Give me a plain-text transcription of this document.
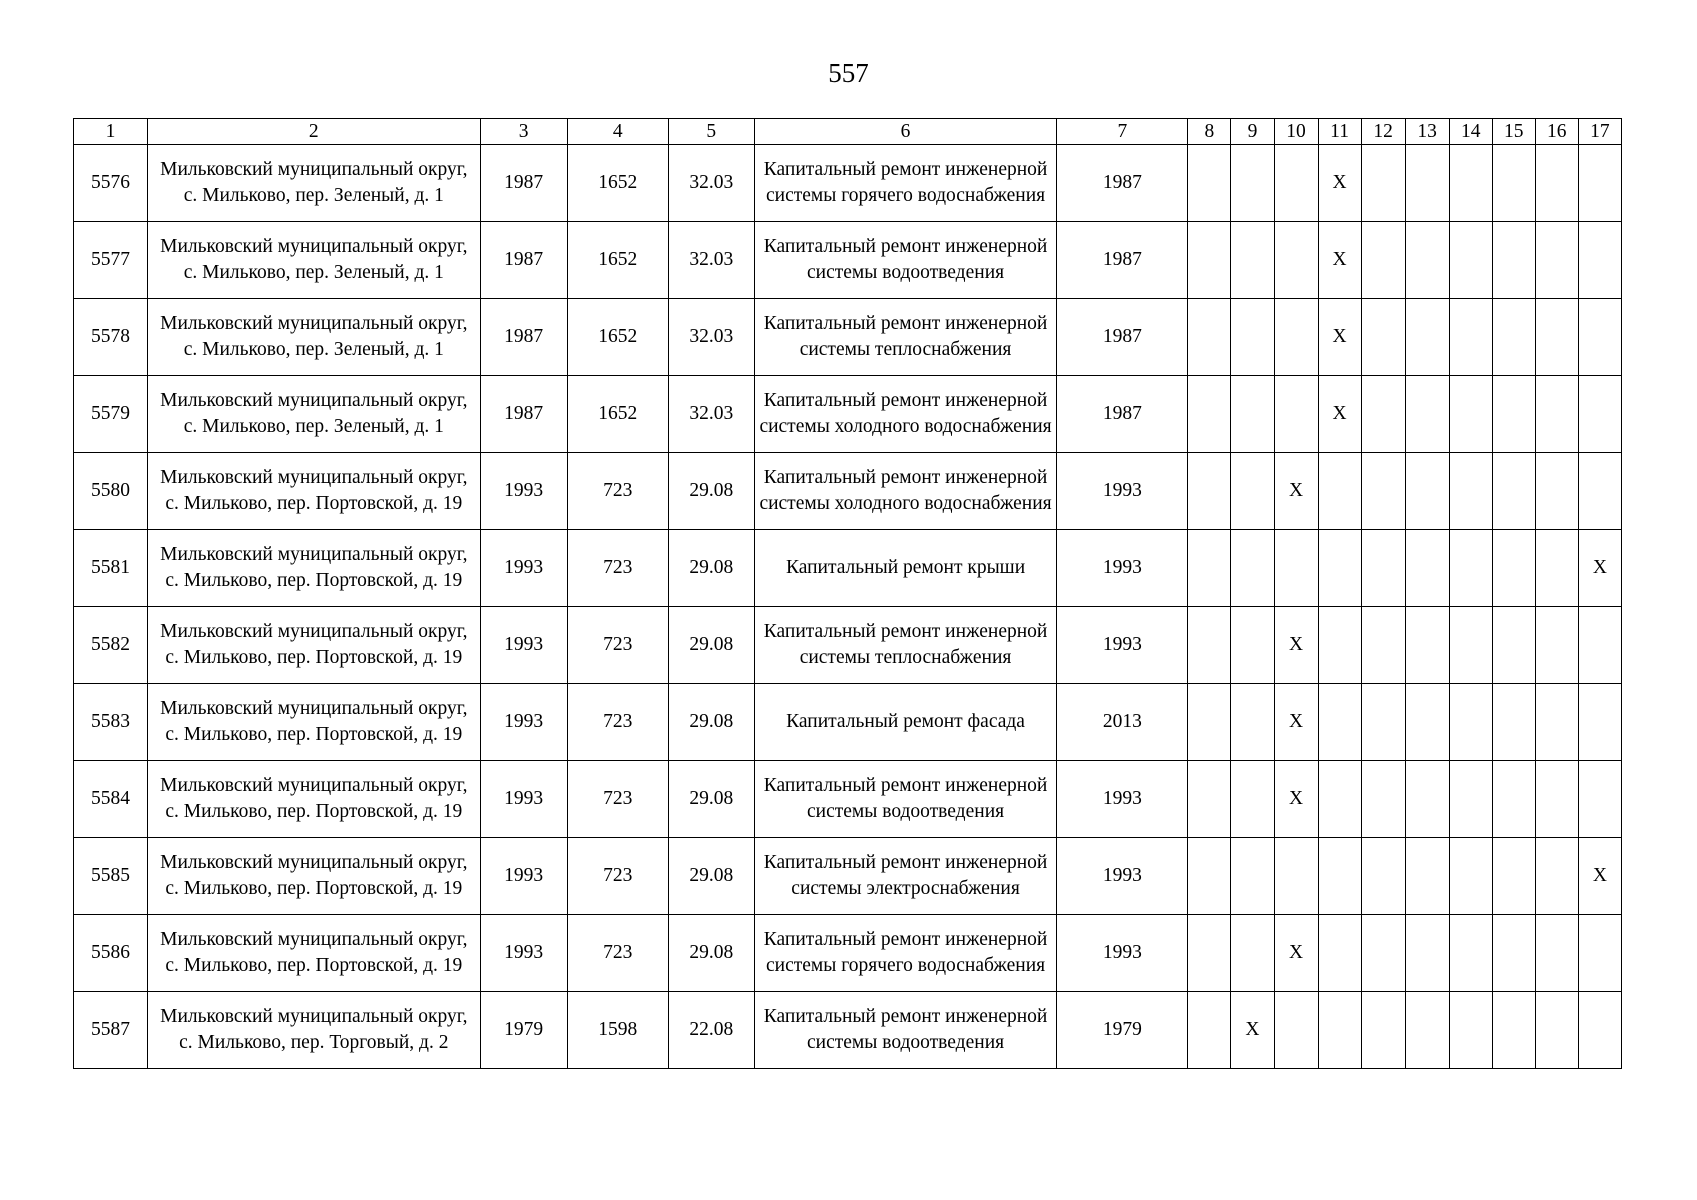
557
1	2	3	4	5	6	7	8	9	10	11	12	13	14	15	16	17
5576	Мильковский муниципальный округ, с. Мильково, пер. Зеленый, д. 1	1987	1652	32.03	Капитальный ремонт инженерной системы горячего водоснабжения	1987				X						
5577	Мильковский муниципальный округ, с. Мильково, пер. Зеленый, д. 1	1987	1652	32.03	Капитальный ремонт инженерной системы водоотведения	1987				X						
5578	Мильковский муниципальный округ, с. Мильково, пер. Зеленый, д. 1	1987	1652	32.03	Капитальный ремонт инженерной системы теплоснабжения	1987				X						
5579	Мильковский муниципальный округ, с. Мильково, пер. Зеленый, д. 1	1987	1652	32.03	Капитальный ремонт инженерной системы холодного водоснабжения	1987				X						
5580	Мильковский муниципальный округ, с. Мильково, пер. Портовской, д. 19	1993	723	29.08	Капитальный ремонт инженерной системы холодного водоснабжения	1993			X							
5581	Мильковский муниципальный округ, с. Мильково, пер. Портовской, д. 19	1993	723	29.08	Капитальный ремонт крыши	1993										X
5582	Мильковский муниципальный округ, с. Мильково, пер. Портовской, д. 19	1993	723	29.08	Капитальный ремонт инженерной системы теплоснабжения	1993			X							
5583	Мильковский муниципальный округ, с. Мильково, пер. Портовской, д. 19	1993	723	29.08	Капитальный ремонт фасада	2013			X							
5584	Мильковский муниципальный округ, с. Мильково, пер. Портовской, д. 19	1993	723	29.08	Капитальный ремонт инженерной системы водоотведения	1993			X							
5585	Мильковский муниципальный округ, с. Мильково, пер. Портовской, д. 19	1993	723	29.08	Капитальный ремонт инженерной системы электроснабжения	1993										X
5586	Мильковский муниципальный округ, с. Мильково, пер. Портовской, д. 19	1993	723	29.08	Капитальный ремонт инженерной системы горячего водоснабжения	1993			X							
5587	Мильковский муниципальный округ, с. Мильково, пер. Торговый, д. 2	1979	1598	22.08	Капитальный ремонт инженерной системы водоотведения	1979		X								
